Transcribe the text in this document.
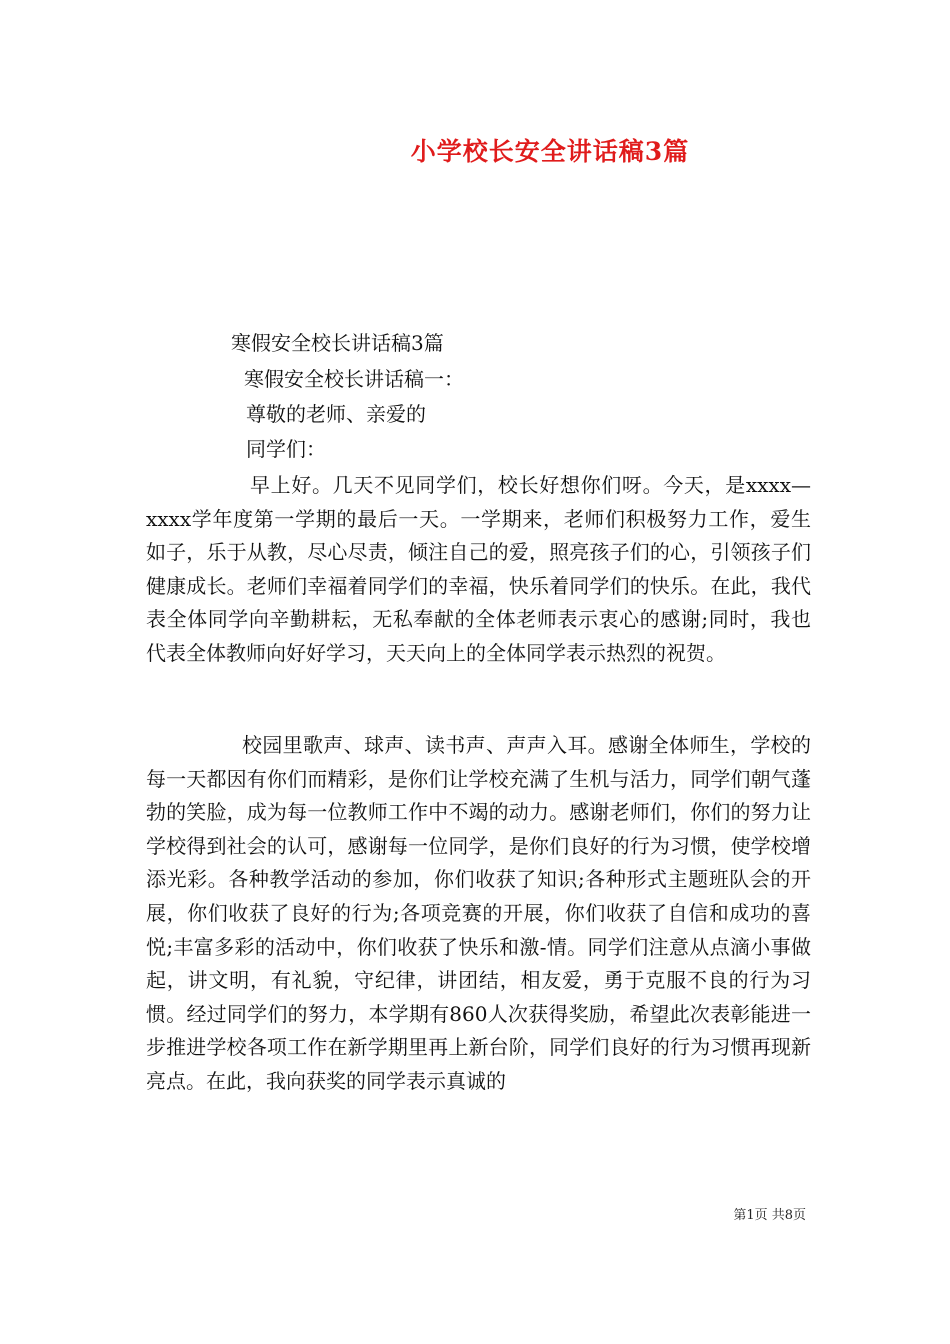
小学校长安全讲话稿3篇
寒假安全校长讲话稿3篇
寒假安全校长讲话稿一：
尊敬的老师、亲爱的
同学们：

早上好。几天不见同学们，校长好想你们呀。今天，是xxxx—xxxx学年度第一学期的最后一天。一学期来，老师们积极努力工作，爱生如子，乐于从教，尽心尽责，倾注自己的爱，照亮孩子们的心，引领孩子们健康成长。老师们幸福着同学们的幸福，快乐着同学们的快乐。在此，我代表全体同学向辛勤耕耘，无私奉献的全体老师表示衷心的感谢;同时，我也代表全体教师向好好学习，天天向上的全体同学表示热烈的祝贺。

校园里歌声、球声、读书声、声声入耳。感谢全体师生，学校的每一天都因有你们而精彩，是你们让学校充满了生机与活力，同学们朝气蓬勃的笑脸，成为每一位教师工作中不竭的动力。感谢老师们，你们的努力让学校得到社会的认可，感谢每一位同学，是你们良好的行为习惯，使学校增添光彩。各种教学活动的参加，你们收获了知识;各种形式主题班队会的开展，你们收获了良好的行为;各项竞赛的开展，你们收获了自信和成功的喜悦;丰富多彩的活动中，你们收获了快乐和激-情。同学们注意从点滴小事做起，讲文明，有礼貌，守纪律，讲团结，相友爱，勇于克服不良的行为习惯。经过同学们的努力，本学期有860人次获得奖励，希望此次表彰能进一步推进学校各项工作在新学期里再上新台阶，同学们良好的行为习惯再现新亮点。在此，我向获奖的同学表示真诚的

第1页 共8页
